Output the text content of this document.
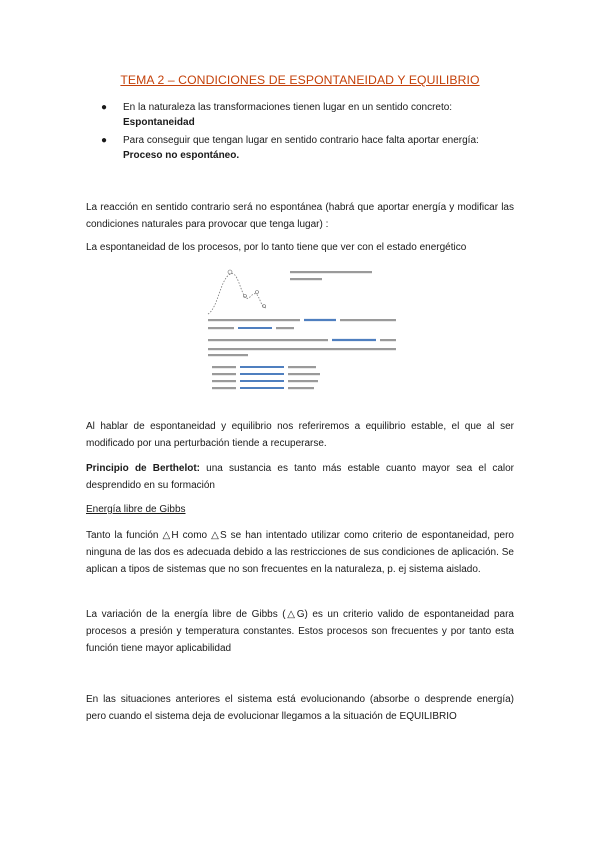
TEMA 2 – CONDICIONES DE ESPONTANEIDAD Y EQUILIBRIO
●	En la naturaleza las transformaciones tienen lugar en un sentido concreto:
Espontaneidad
●	Para conseguir que tengan lugar en sentido contrario hace falta aportar energía:
Proceso no espontáneo.

La reacción en sentido contrario será no espontánea (habrá que aportar energía y modificar las condiciones naturales para provocar que tenga lugar) :

La espontaneidad de los procesos, por lo tanto tiene que ver con el estado energético

Al hablar de espontaneidad y equilibrio nos referiremos a equilibrio estable, el que al ser modificado por una perturbación tiende a recuperarse.

Principio de Berthelot: una sustancia es tanto más estable cuanto mayor sea el calor desprendido en su formación

Energía libre de Gibbs

Tanto la función △H como △S se han intentado utilizar como criterio de espontaneidad, pero ninguna de las dos es adecuada debido a las restricciones de sus condiciones de aplicación. Se aplican a tipos de sistemas que no son frecuentes en la naturaleza, p. ej sistema aislado.

La variación de la energía libre de Gibbs (△G) es un criterio valido de espontaneidad para procesos a presión y temperatura constantes. Estos procesos son frecuentes y por tanto esta función tiene mayor aplicabilidad

En las situaciones anteriores el sistema está evolucionando (absorbe o desprende energía) pero cuando el sistema deja de evolucionar llegamos a la situación de EQUILIBRIO
